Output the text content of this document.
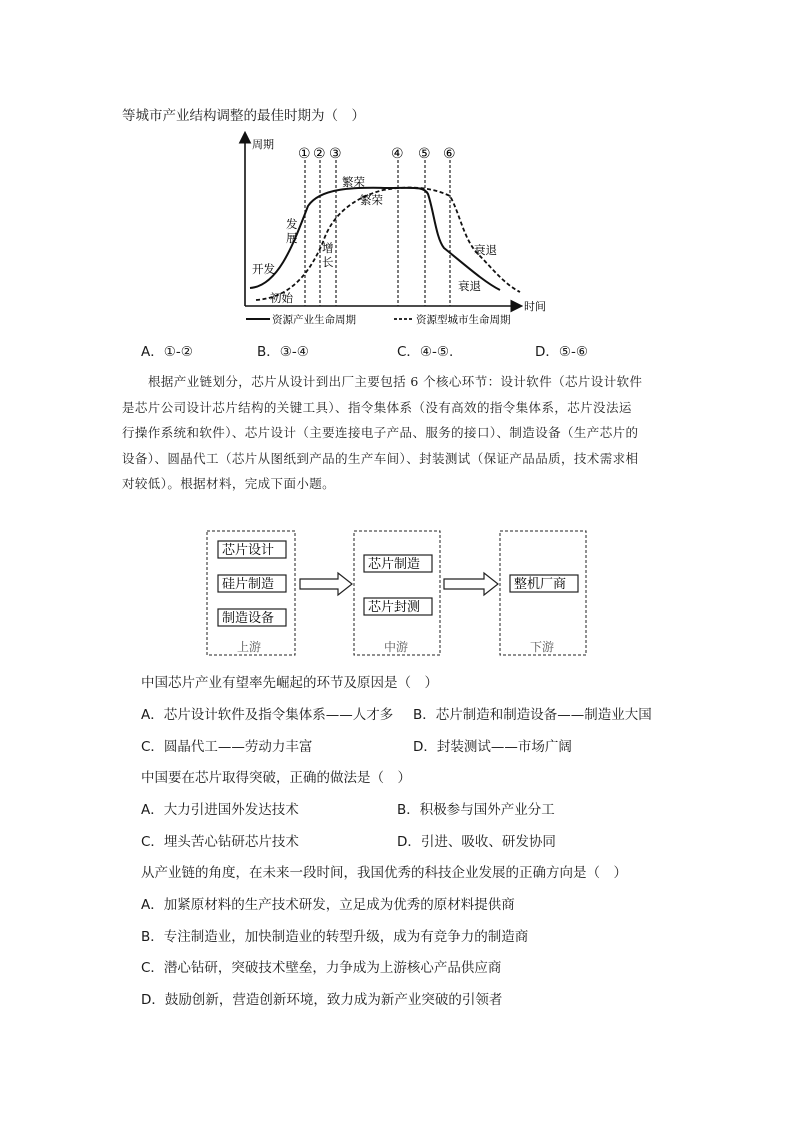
等城市产业结构调整的最佳时期为（　）
周期
时间
① ② ③	④ ⑤ ⑥
繁荣
繁荣
发
展
开发
增
长
初始
衰退
衰退
资源产业生命周期	资源型城市生命周期
A．①-②	B．③-④	C．④-⑤.	D．⑤-⑥
根据产业链划分，芯片从设计到出厂主要包括 6 个核心环节：设计软件（芯片设计软件
是芯片公司设计芯片结构的关键工具）、指令集体系（没有高效的指令集体系，芯片没法运
行操作系统和软件）、芯片设计（主要连接电子产品、服务的接口）、制造设备（生产芯片的
设备）、圆晶代工（芯片从图纸到产品的生产车间）、封装测试（保证产品品质，技术需求相
对较低）。根据材料，完成下面小题。
芯片设计
硅片制造
制造设备
上游
芯片制造
芯片封测
中游
整机厂商
下游
中国芯片产业有望率先崛起的环节及原因是（　）
A．芯片设计软件及指令集体系——人才多 B．芯片制造和制造设备——制造业大国
C．圆晶代工——劳动力丰富	D．封装测试——市场广阔
中国要在芯片取得突破，正确的做法是（　）
A．大力引进国外发达技术	B．积极参与国外产业分工
C．埋头苦心钻研芯片技术	D．引进、吸收、研发协同
从产业链的角度，在未来一段时间，我国优秀的科技企业发展的正确方向是（　）
A．加紧原材料的生产技术研发，立足成为优秀的原材料提供商
B．专注制造业，加快制造业的转型升级，成为有竞争力的制造商
C．潜心钻研，突破技术壁垒，力争成为上游核心产品供应商
D．鼓励创新，营造创新环境，致力成为新产业突破的引领者
